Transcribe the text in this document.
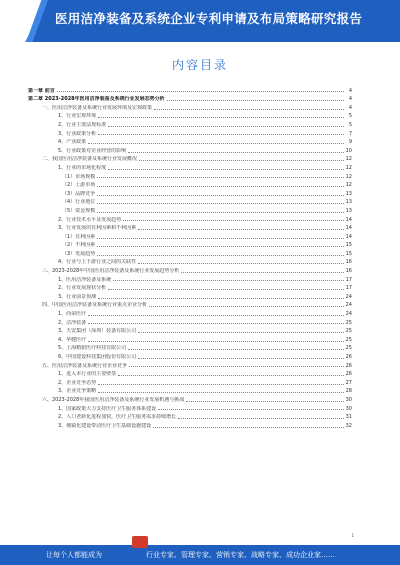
医用洁净装备及系统企业专利申请及布局策略研究报告
内容目录
第一章 前言	4
第二章 2023-2028年医用洁净装备及系统行业发展态势分析	4
一、医用洁净装备及系统行业发展环境及宏观政策	4
1、行业宏观环境	5
2、行业主要法规标准	5
3、行业政策分析	7
4、产业政策	9
5、行业政策对企业经营的影响	10
二、我国医用洁净装备及系统行业发展概况	12
1、行业的市场化程度	12
（1）市场规模	12
（2）上游市场	12
（3）品牌竞争	13
（4）行业地位	13
（5）资金规模	13
2、行业技术水平及发展趋势	14
3、行业发展的有利因素和不利因素	14
（1）有利因素	14
（2）不利因素	15
（3）发展趋势	15
4、行业与上下游行业之间的关联性	16
三、2023-2028年中国医用洁净装备及系统行业发展趋势分析	16
1、医用洁净装备及系统	17
2、行业发展现状分析	17
3、行业前景预测	24
四、中国医用洁净装备及系统行业重点企业分析	24
1、尚荣医疗	24
2、洁净装备	25
3、天安集团（深圳）装备有限公司	25
4、华健医疗	25
5、上海精骐医疗科技有限公司	25
6、中国建设科技集团股份有限公司	26
五、医用洁净装备及系统行业企业竞争	26
1、进入本行业的主要壁垒	26
2、企业竞争态势	27
3、企业竞争策略	28
六、2023-2028年我国医用洁净装备及系统行业发展机遇与挑战	30
1、国家政策大力支持医疗卫生服务体系建设	30
2、人口老龄化进程加快，医疗卫生服务需求持续增长	31
3、城镇化建设带动医疗卫生基础设施建设	32
1
让每个人都能成为	行业专家、管理专家、营销专家、战略专家、成功企业家……
